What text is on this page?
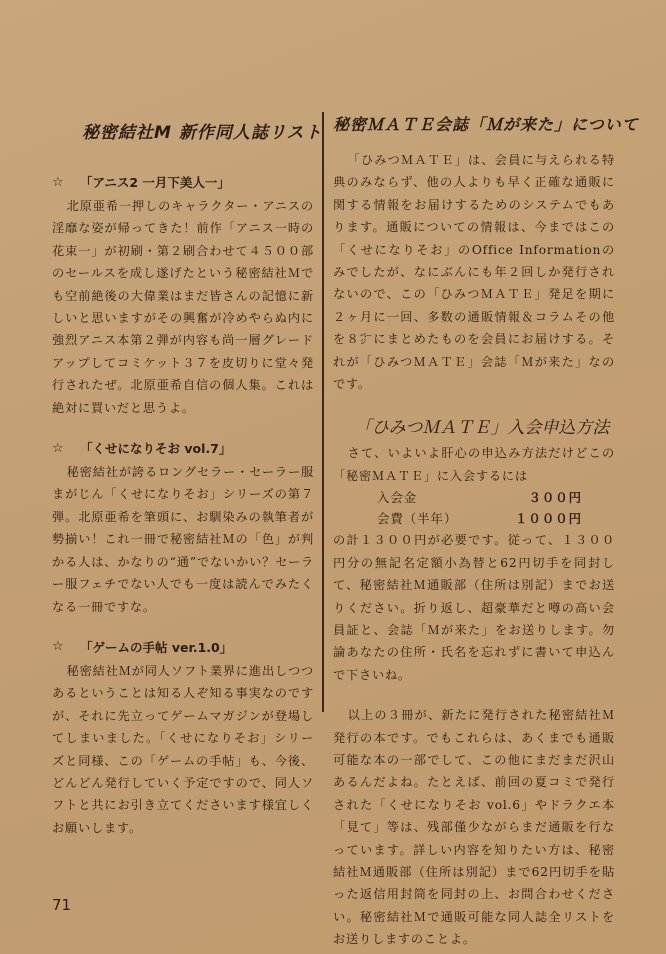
秘密結社M 新作同人誌リスト
☆	「アニス2 一月下美人一」
北原亜希一押しのキャラクター・アニスの淫靡な姿が帰ってきた！前作「アニス一時の花束一」が初刷・第２刷合わせて４５００部のセールスを成し遂げたという秘密結社Ｍでも空前絶後の大偉業はまだ皆さんの記憶に新しいと思いますがその興奮が冷めやらぬ内に強烈アニス本第２弾が内容も尚一層グレードアップしてコミケット３７を皮切りに堂々発行されたぜ。北原亜希自信の個人集。これは絶対に買いだと思うよ。
☆	「くせになりそお vol.7」
秘密結社が誇るロングセラー・セーラー服まがじん「くせになりそお」シリーズの第７弾。北原亜希を筆頭に、お馴染みの執筆者が勢揃い！これ一冊で秘密結社Ｍの「色」が判かる人は、かなりの“通”でないかい？セーラー服フェチでない人でも一度は読んでみたくなる一冊ですな。
☆	「ゲームの手帖 ver.1.0」
秘密結社Ｍが同人ソフト業界に進出しつつあるということは知る人ぞ知る事実なのですが、それに先立ってゲームマガジンが登場してしまいました。「くせになりそお」シリーズと同様、この「ゲームの手帖」も、今後、どんどん発行していく予定ですので、同人ソフトと共にお引き立てくださいます様宜しくお願いします。
秘密ＭＡＴＥ会誌「Ｍが来た」について
「ひみつＭＡＴＥ」は、会員に与えられる特典のみならず、他の人よりも早く正確な通販に関する情報をお届けするためのシステムでもあります。通販についての情報は、今まではこの「くせになりそお」のOffice Informationのみでしたが、なにぶんにも年２回しか発行されないので、この「ひみつＭＡＴＥ」発足を期に２ヶ月に一回、多数の通販情報＆コラムその他を８㌻にまとめたものを会員にお届けする。それが「ひみつＭＡＴＥ」会誌「Ｍが来た」なのです。
「ひみつＭＡＴＥ」入会申込方法
さて、いよいよ肝心の申込み方法だけどこの「秘密ＭＡＴＥ」に入会するには
入会金	３００円
会費（半年）	１０００円
の計１３００円が必要です。従って、１３００円分の無記名定額小為替と62円切手を同封して、秘密結社Ｍ通販部（住所は別記）までお送りください。折り返し、超豪華だと噂の高い会員証と、会誌「Ｍが来た」をお送りします。勿論あなたの住所・氏名を忘れずに書いて申込んで下さいね。
以上の３冊が、新たに発行された秘密結社Ｍ発行の本です。でもこれらは、あくまでも通販可能な本の一部でして、この他にまだまだ沢山あるんだよね。たとえば、前回の夏コミで発行された「くせになりそお vol.6」やドラクエ本「見て」等は、残部僅少ながらまだ通販を行なっています。詳しい内容を知りたい方は、秘密結社Ｍ通販部（住所は別記）まで62円切手を貼った返信用封筒を同封の上、お問合わせください。秘密結社Ｍで通販可能な同人誌全リストをお送りしますのことよ。
71
